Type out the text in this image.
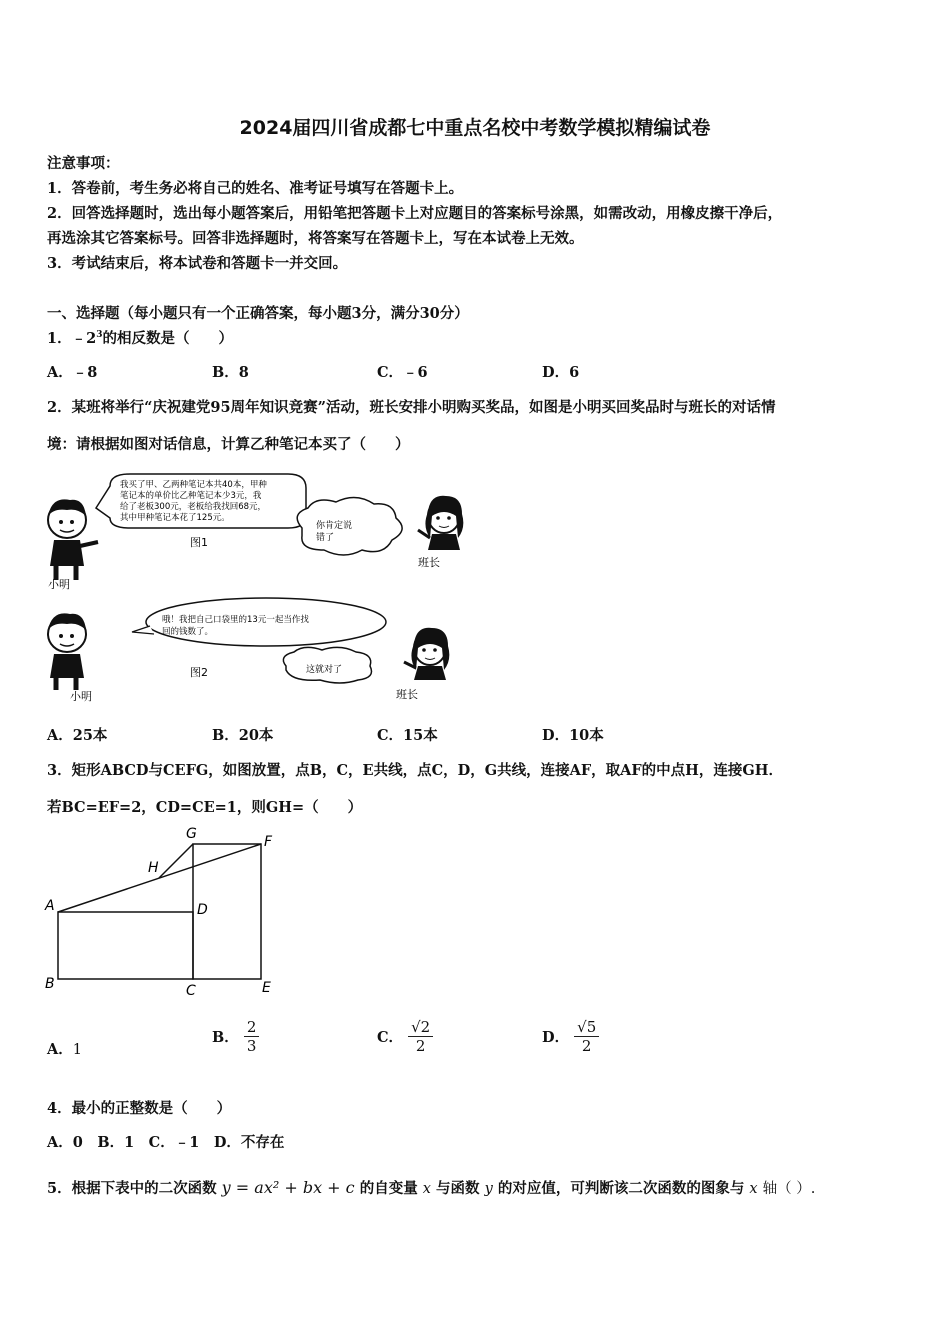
2024届四川省成都七中重点名校中考数学模拟精编试卷
注意事项：
1．答卷前，考生务必将自己的姓名、准考证号填写在答题卡上。
2．回答选择题时，选出每小题答案后，用铅笔把答题卡上对应题目的答案标号涂黑，如需改动，用橡皮擦干净后，
再选涂其它答案标号。回答非选择题时，将答案写在答题卡上，写在本试卷上无效。
3．考试结束后，将本试卷和答题卡一并交回。
一、选择题（每小题只有一个正确答案，每小题3分，满分30分）
1．$﹣2^3$的相反数是（　　）
A．﹣8	B．8	C．﹣6	D．6
2．某班将举行“庆祝建党95周年知识竞赛”活动，班长安排小明购买奖品，如图是小明买回奖品时与班长的对话情
境：请根据如图对话信息，计算乙种笔记本买了（　　）
我买了甲、乙两种笔记本共40本，甲种
笔记本的单价比乙种笔记本少3元，我
给了老板300元，老板给我找回68元，
其中甲种笔记本花了125元。
图1
你肯定说
错了
小明
班长
哦！我把自己口袋里的13元一起当作找
回的钱数了。
图2	这就对了
小明	班长
A．25本	B．20本	C．15本	D．10本
3．矩形ABCD与CEFG，如图放置，点B，C，E共线，点C，D，G共线，连接AF，取AF的中点H，连接GH．
若BC=EF=2，CD=CE=1，则GH=（　　）
A
B	C
D
E
F
G
H
A．1
B． $\frac{2}{3}$	C． $\frac{√2}{2}$	D． $\frac{√5}{2}$
4．最小的正整数是（　　）
A．0　B．1　C．﹣1　D．不存在
5．根据下表中的二次函数 y = ax² + bx + c 的自变量 x 与函数 y 的对应值，可判断该二次函数的图象与 x 轴（ ）.
